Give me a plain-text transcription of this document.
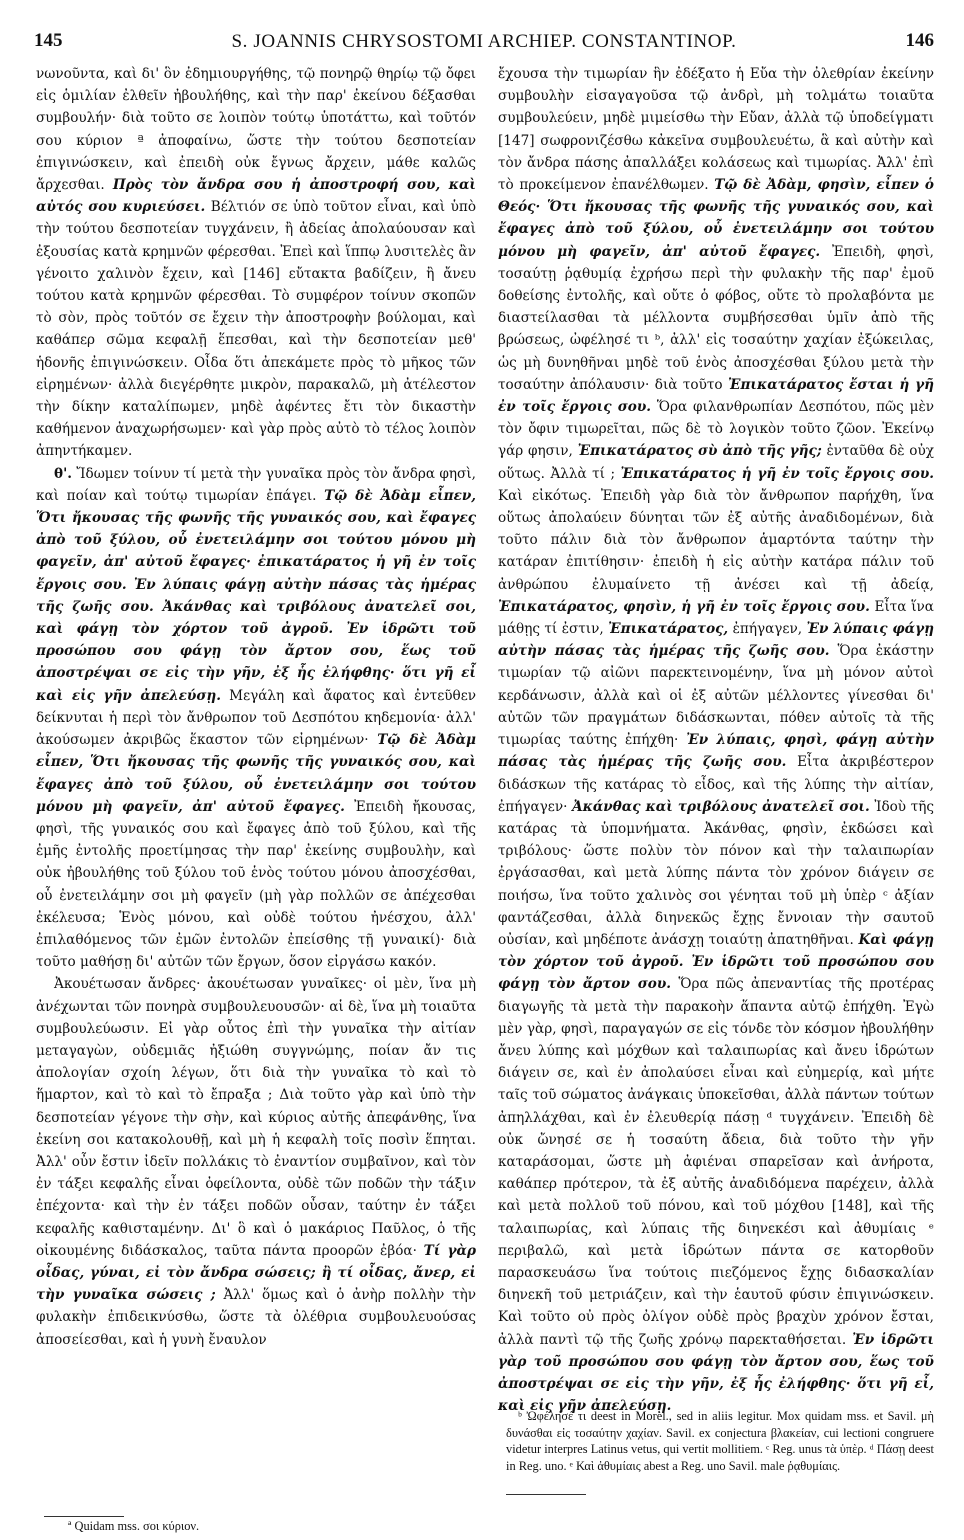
145	S. JOANNIS CHRYSOSTOMI ARCHIEP. CONSTANTINOP.	146

νωνοῦντα, καὶ δι' ὃν ἐδημιουργήθης, τῷ πονηρῷ θηρίῳ τῷ ὄφει εἰς ὁμιλίαν ἐλθεῖν ἠβουλήθης, καὶ τὴν παρ' ἐκείνου δέξασθαι συμβουλήν· διὰ τοῦτο σε λοιπὸν τούτῳ ὑποτάττω, καὶ τοῦτόν σου κύριον ª ἀποφαίνω, ὥστε τὴν τούτου δεσποτείαν ἐπιγινώσκειν, καὶ ἐπειδὴ οὐκ ἔγνως ἄρχειν, μάθε καλῶς ἄρχεσθαι. Πρὸς τὸν ἄνδρα σου ἡ ἀποστροφή σου, καὶ αὐτός σου κυριεύσει. Βέλτιόν σε ὑπὸ τοῦτον εἶναι, καὶ ὑπὸ τὴν τούτου δεσποτείαν τυγχάνειν, ἢ ἀδείας ἀπολαύουσαν καὶ ἐξουσίας κατὰ κρημνῶν φέρεσθαι. Ἐπεὶ καὶ ἵππῳ λυσιτελὲς ἂν γένοιτο χαλινὸν ἔχειν, καὶ [146] εὔτακτα βαδίζειν, ἢ ἄνευ τούτου κατὰ κρημνῶν φέρεσθαι. Τὸ συμφέρον τοίνυν σκοπῶν τὸ σὸν, πρὸς τοῦτόν σε ἔχειν τὴν ἀποστροφὴν βούλομαι, καὶ καθάπερ σῶμα κεφαλῇ ἕπεσθαι, καὶ τὴν δεσποτείαν μεθ' ἡδονῆς ἐπιγινώσκειν. Οἶδα ὅτι ἀπεκάμετε πρὸς τὸ μῆκος τῶν εἰρημένων· ἀλλὰ διεγέρθητε μικρὸν, παρακαλῶ, μὴ ἀτέλεστον τὴν δίκην καταλίπωμεν, μηδὲ ἀφέντες ἔτι τὸν δικαστὴν καθήμενον ἀναχωρήσωμεν· καὶ γὰρ πρὸς αὐτὸ τὸ τέλος λοιπὸν ἀπηντήκαμεν.

θ'. Ἴδωμεν τοίνυν τί μετὰ τὴν γυναῖκα πρὸς τὸν ἄνδρα φησὶ, καὶ ποίαν καὶ τούτῳ τιμωρίαν ἐπάγει. Τῷ δὲ Ἀδὰμ εἶπεν, Ὅτι ἤκουσας τῆς φωνῆς τῆς γυναικός σου, καὶ ἔφαγες ἀπὸ τοῦ ξύλου, οὗ ἐνετειλάμην σοι τούτου μόνου μὴ φαγεῖν, ἀπ' αὐτοῦ ἔφαγες· ἐπικατάρατος ἡ γῆ ἐν τοῖς ἔργοις σου. Ἐν λύπαις φάγῃ αὐτὴν πάσας τὰς ἡμέρας τῆς ζωῆς σου. Ἀκάνθας καὶ τριβόλους ἀνατελεῖ σοι, καὶ φάγῃ τὸν χόρτον τοῦ ἀγροῦ. Ἐν ἱδρῶτι τοῦ προσώπου σου φάγῃ τὸν ἄρτον σου, ἕως τοῦ ἀποστρέψαι σε εἰς τὴν γῆν, ἐξ ἧς ἐλήφθης· ὅτι γῆ εἶ καὶ εἰς γῆν ἀπελεύσῃ. Μεγάλη καὶ ἄφατος καὶ ἐντεῦθεν δείκνυται ἡ περὶ τὸν ἄνθρωπον τοῦ Δεσπότου κηδεμονία· ἀλλ' ἀκούσωμεν ἀκριβῶς ἕκαστον τῶν εἰρημένων· Τῷ δὲ Ἀδὰμ εἶπεν, Ὅτι ἤκουσας τῆς φωνῆς τῆς γυναικός σου, καὶ ἔφαγες ἀπὸ τοῦ ξύλου, οὗ ἐνετειλάμην σοι τούτου μόνου μὴ φαγεῖν, ἀπ' αὐτοῦ ἔφαγες. Ἐπειδὴ ἤκουσας, φησὶ, τῆς γυναικός σου καὶ ἔφαγες ἀπὸ τοῦ ξύλου, καὶ τῆς ἐμῆς ἐντολῆς προετίμησας τὴν παρ' ἐκείνης συμβουλὴν, καὶ οὐκ ἠβουλήθης τοῦ ξύλου τοῦ ἑνὸς τούτου μόνου ἀποσχέσθαι, οὗ ἐνετειλάμην σοι μὴ φαγεῖν (μὴ γὰρ πολλῶν σε ἀπέχεσθαι ἐκέλευσα; Ἑνὸς μόνου, καὶ οὐδὲ τούτου ἠνέσχου, ἀλλ' ἐπιλαθόμενος τῶν ἐμῶν ἐντολῶν ἐπείσθης τῇ γυναικί)· διὰ τοῦτο μαθήσῃ δι' αὐτῶν τῶν ἔργων, ὅσον εἰργάσω κακόν.

Ἀκουέτωσαν ἄνδρες· ἀκουέτωσαν γυναῖκες· οἱ μὲν, ἵνα μὴ ἀνέχωνται τῶν πονηρὰ συμβουλευουσῶν· αἱ δὲ, ἵνα μὴ τοιαῦτα συμβουλεύωσιν. Εἰ γὰρ οὗτος ἐπὶ τὴν γυναῖκα τὴν αἰτίαν μεταγαγὼν, οὐδεμιᾶς ἠξιώθη συγγνώμης, ποίαν ἄν τις ἀπολογίαν σχοίη λέγων, ὅτι διὰ τὴν γυναῖκα τὸ καὶ τὸ ἥμαρτον, καὶ τὸ καὶ τὸ ἔπραξα ; Διὰ τοῦτο γὰρ καὶ ὑπὸ τὴν δεσποτείαν γέγονε τὴν σὴν, καὶ κύριος αὐτῆς ἀπεφάνθης, ἵνα ἐκείνη σοι κατακολουθῇ, καὶ μὴ ἡ κεφαλὴ τοῖς ποσὶν ἕπηται. Ἀλλ' οὖν ἔστιν ἰδεῖν πολλάκις τὸ ἐναντίον συμβαῖνον, καὶ τὸν ἐν τάξει κεφαλῆς εἶναι ὀφείλοντα, οὐδὲ τῶν ποδῶν τὴν τάξιν ἐπέχοντα· καὶ τὴν ἐν τάξει ποδῶν οὖσαν, ταύτην ἐν τάξει κεφαλῆς καθισταμένην. Δι' ὃ καὶ ὁ μακάριος Παῦλος, ὁ τῆς οἰκουμένης διδάσκαλος, ταῦτα πάντα προορῶν ἐβόα· Τί γὰρ οἶδας, γύναι, εἰ τὸν ἄνδρα σώσεις; ἢ τί οἶδας, ἄνερ, εἰ τὴν γυναῖκα σώσεις ; Ἀλλ' ὅμως καὶ ὁ ἀνὴρ πολλὴν τὴν φυλακὴν ἐπιδεικνύσθω, ὥστε τὰ ὀλέθρια συμβουλευούσας ἀποσείεσθαι, καὶ ἡ γυνὴ ἔναυλον

ἔχουσα τὴν τιμωρίαν ἣν ἐδέξατο ἡ Εὔα τὴν ὀλεθρίαν ἐκείνην συμβουλὴν εἰσαγαγοῦσα τῷ ἀνδρὶ, μὴ τολμάτω τοιαῦτα συμβουλεύειν, μηδὲ μιμείσθω τὴν Εὔαν, ἀλλὰ τῷ ὑποδείγματι [147] σωφρονιζέσθω κἀκεῖνα συμβουλευέτω, ἃ καὶ αὐτὴν καὶ τὸν ἄνδρα πάσης ἀπαλλάξει κολάσεως καὶ τιμωρίας. Ἀλλ' ἐπὶ τὸ προκείμενον ἐπανέλθωμεν. Τῷ δὲ Ἀδὰμ, φησὶν, εἶπεν ὁ Θεός· Ὅτι ἤκουσας τῆς φωνῆς τῆς γυναικός σου, καὶ ἔφαγες ἀπὸ τοῦ ξύλου, οὗ ἐνετειλάμην σοι τούτου μόνου μὴ φαγεῖν, ἀπ' αὐτοῦ ἔφαγες. Ἐπειδὴ, φησὶ, τοσαύτῃ ῥᾳθυμίᾳ ἐχρήσω περὶ τὴν φυλακὴν τῆς παρ' ἐμοῦ δοθείσης ἐντολῆς, καὶ οὔτε ὁ φόβος, οὔτε τὸ προλαβόντα με διαστείλασθαι τὰ μέλλοντα συμβήσεσθαι ὑμῖν ἀπὸ τῆς βρώσεως, ὠφέλησέ τι ᵇ, ἀλλ' εἰς τοσαύτην χαχίαν ἐξώκειλας, ὡς μὴ δυνηθῆναι μηδὲ τοῦ ἑνὸς ἀποσχέσθαι ξύλου μετὰ τὴν τοσαύτην ἀπόλαυσιν· διὰ τοῦτο Ἐπικατάρατος ἔσται ἡ γῆ ἐν τοῖς ἔργοις σου. Ὅρα φιλανθρωπίαν Δεσπότου, πῶς μὲν τὸν ὄφιν τιμωρεῖται, πῶς δὲ τὸ λογικὸν τοῦτο ζῶον. Ἐκείνῳ γάρ φησιν, Ἐπικατάρατος σὺ ἀπὸ τῆς γῆς; ἐνταῦθα δὲ οὐχ οὕτως. Ἀλλὰ τί ; Ἐπικατάρατος ἡ γῆ ἐν τοῖς ἔργοις σου. Καὶ εἰκότως. Ἐπειδὴ γὰρ διὰ τὸν ἄνθρωπον παρήχθη, ἵνα οὕτως ἀπολαύειν δύνηται τῶν ἐξ αὐτῆς ἀναδιδομένων, διὰ τοῦτο πάλιν διὰ τὸν ἄνθρωπον ἁμαρτόντα ταύτην τὴν κατάραν ἐπιτίθησιν· ἐπειδὴ ἡ εἰς αὐτὴν κατάρα πάλιν τοῦ ἀνθρώπου ἐλυμαίνετο τῇ ἀνέσει καὶ τῇ ἀδείᾳ, Ἐπικατάρατος, φησὶν, ἡ γῆ ἐν τοῖς ἔργοις σου. Εἶτα ἵνα μάθῃς τί ἐστιν, Ἐπικατάρατος, ἐπήγαγεν, Ἐν λύπαις φάγῃ αὐτὴν πάσας τὰς ἡμέρας τῆς ζωῆς σου. Ὅρα ἐκάστην τιμωρίαν τῷ αἰῶνι παρεκτεινομένην, ἵνα μὴ μόνον αὐτοὶ κερδάνωσιν, ἀλλὰ καὶ οἱ ἐξ αὐτῶν μέλλοντες γίνεσθαι δι' αὐτῶν τῶν πραγμάτων διδάσκωνται, πόθεν αὐτοῖς τὰ τῆς τιμωρίας ταύτης ἐπήχθη· Ἐν λύπαις, φησὶ, φάγῃ αὐτὴν πάσας τὰς ἡμέρας τῆς ζωῆς σου. Εἶτα ἀκριβέστερον διδάσκων τῆς κατάρας τὸ εἶδος, καὶ τῆς λύπης τὴν αἰτίαν, ἐπήγαγεν· Ἀκάνθας καὶ τριβόλους ἀνατελεῖ σοι. Ἰδοὺ τῆς κατάρας τὰ ὑπομνήματα. Ἀκάνθας, φησὶν, ἐκδώσει καὶ τριβόλους· ὥστε πολὺν τὸν πόνον καὶ τὴν ταλαιπωρίαν ἐργάσασθαι, καὶ μετὰ λύπης πάντα τὸν χρόνον διάγειν σε ποιήσω, ἵνα τοῦτο χαλινὸς σοι γένηται τοῦ μὴ ὑπὲρ ᶜ ἀξίαν φαντάζεσθαι, ἀλλὰ διηνεκῶς ἔχῃς ἔννοιαν τὴν σαυτοῦ οὐσίαν, καὶ μηδέποτε ἀνάσχῃ τοιαύτῃ ἀπατηθῆναι. Καὶ φάγῃ τὸν χόρτον τοῦ ἀγροῦ. Ἐν ἱδρῶτι τοῦ προσώπου σου φάγῃ τὸν ἄρτον σου. Ὅρα πῶς ἀπεναντίας τῆς προτέρας διαγωγῆς τὰ μετὰ τὴν παρακοὴν ἅπαντα αὐτῷ ἐπήχθη. Ἐγὼ μὲν γὰρ, φησὶ, παραγαγών σε εἰς τόνδε τὸν κόσμον ἠβουλήθην ἄνευ λύπης καὶ μόχθων καὶ ταλαιπωρίας καὶ ἄνευ ἱδρώτων διάγειν σε, καὶ ἐν ἀπολαύσει εἶναι καὶ εὐημερίᾳ, καὶ μήτε ταῖς τοῦ σώματος ἀνάγκαις ὑποκεῖσθαι, ἀλλὰ πάντων τούτων ἀπηλλάχθαι, καὶ ἐν ἐλευθερίᾳ πάσῃ ᵈ τυγχάνειν. Ἐπειδὴ δὲ οὐκ ὤνησέ σε ἡ τοσαύτη ἄδεια, διὰ τοῦτο τὴν γῆν καταράσομαι, ὥστε μὴ ἀφιέναι σπαρεῖσαν καὶ ἀνήροτα, καθάπερ πρότερον, τὰ ἐξ αὐτῆς ἀναδιδόμενα παρέχειν, ἀλλὰ καὶ μετὰ πολλοῦ τοῦ πόνου, καὶ τοῦ μόχθου [148], καὶ τῆς ταλαιπωρίας, καὶ λύπαις τῆς διηνεκέσι καὶ ἀθυμίαις ᵉ περιβαλῶ, καὶ μετὰ ἱδρώτων πάντα σε κατορθοῦν παρασκευάσω ἵνα τούτοις πιεζόμενος ἔχῃς διδασκαλίαν διηνεκῆ τοῦ μετριάζειν, καὶ τὴν ἑαυτοῦ φύσιν ἐπιγινώσκειν. Καὶ τοῦτο οὐ πρὸς ὀλίγον οὐδὲ πρὸς βραχὺν χρόνον ἔσται, ἀλλὰ παντὶ τῷ τῆς ζωῆς χρόνῳ παρεκταθήσεται. Ἐν ἱδρῶτι γὰρ τοῦ προσώπου σου φάγῃ τὸν ἄρτον σου, ἕως τοῦ ἀποστρέψαι σε εἰς τὴν γῆν, ἐξ ἧς ἐλήφθης· ὅτι γῆ εἶ, καὶ εἰς γῆν ἀπελεύσῃ.

ᵇ Ὠφέλησέ τι deest in Morel., sed in aliis legitur. Mox quidam mss. et Savil. μὴ δυνάσθαι εἰς τοσαύτην χαχίαν. Savil. ex conjectura βλακείαν, cui lectioni congruere videtur interpres Latinus vetus, qui vertit mollitiem. ᶜ Reg. unus τὰ ὑπὲρ. ᵈ Πάσῃ deest in Reg. uno. ᵉ Καὶ ἀθυμίαις abest a Reg. uno Savil. male ῥᾳθυμίαις.

ª Quidam mss. σοι κύριον.
